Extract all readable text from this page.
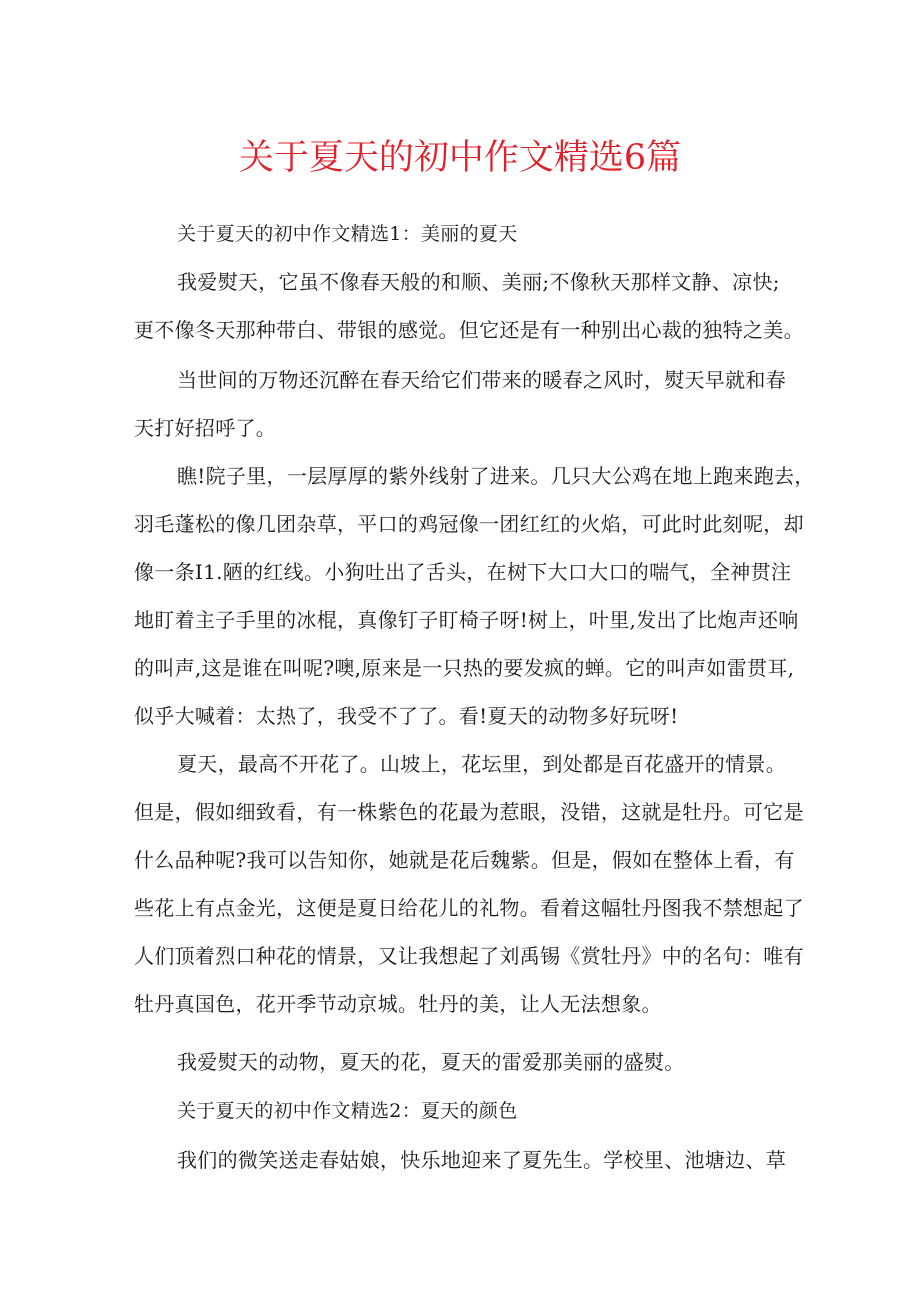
关于夏天的初中作文精选6篇

关于夏天的初中作文精选1：美丽的夏天

我爱熨天，它虽不像春天般的和顺、美丽;不像秋天那样文静、凉快;

更不像冬天那种带白、带银的感觉。但它还是有一种别出心裁的独特之美。

当世间的万物还沉醉在春天给它们带来的暖春之风时，熨天早就和春

天打好招呼了。

瞧!院子里，一层厚厚的紫外线射了进来。几只大公鸡在地上跑来跑去，

羽毛蓬松的像几团杂草，平口的鸡冠像一团红红的火焰，可此时此刻呢，却

像一条I1.陋的红线。小狗吐出了舌头，在树下大口大口的喘气，全神贯注

地盯着主子手里的冰棍，真像钉子盯椅子呀!树上，叶里,发出了比炮声还响

的叫声,这是谁在叫呢?噢,原来是一只热的要发疯的蝉。它的叫声如雷贯耳,

似乎大喊着：太热了，我受不了了。看!夏天的动物多好玩呀!

夏天，最高不开花了。山坡上，花坛里，到处都是百花盛开的情景。

但是，假如细致看，有一株紫色的花最为惹眼，没错，这就是牡丹。可它是

什么品种呢?我可以告知你，她就是花后魏紫。但是，假如在整体上看，有

些花上有点金光，这便是夏日给花儿的礼物。看着这幅牡丹图我不禁想起了

人们顶着烈口种花的情景，又让我想起了刘禹锡《赏牡丹》中的名句：唯有

牡丹真国色，花开季节动京城。牡丹的美，让人无法想象。

我爱熨天的动物，夏天的花，夏天的雷爱那美丽的盛熨。

关于夏天的初中作文精选2：夏天的颜色

我们的微笑送走春姑娘，快乐地迎来了夏先生。学校里、池塘边、草
